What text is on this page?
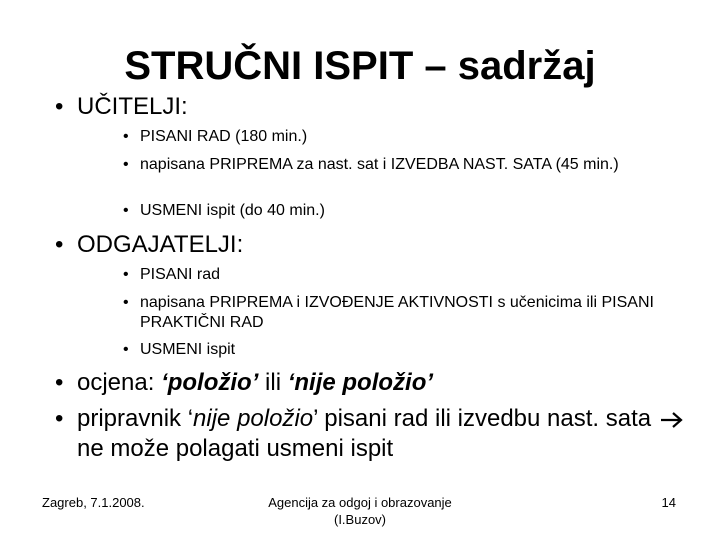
STRUČNI ISPIT – sadržaj
• UČITELJI:
• PISANI RAD (180 min.)
• napisana PRIPREMA za nast. sat i IZVEDBA NAST. SATA (45 min.)
• USMENI ispit (do 40 min.)
• ODGAJATELJI:
• PISANI rad
• napisana PRIPREMA i IZVOĐENJE AKTIVNOSTI s učenicima ili PISANI PRAKTIČNI RAD
• USMENI ispit
• ocjena: ‘položio’ ili ‘nije položio’
• pripravnik ‘nije položio’ pisani rad ili izvedbu nast. sata  ne može polagati usmeni ispit
Zagreb, 7.1.2008.	Agencija za odgoj i obrazovanje
(I.Buzov)
14
